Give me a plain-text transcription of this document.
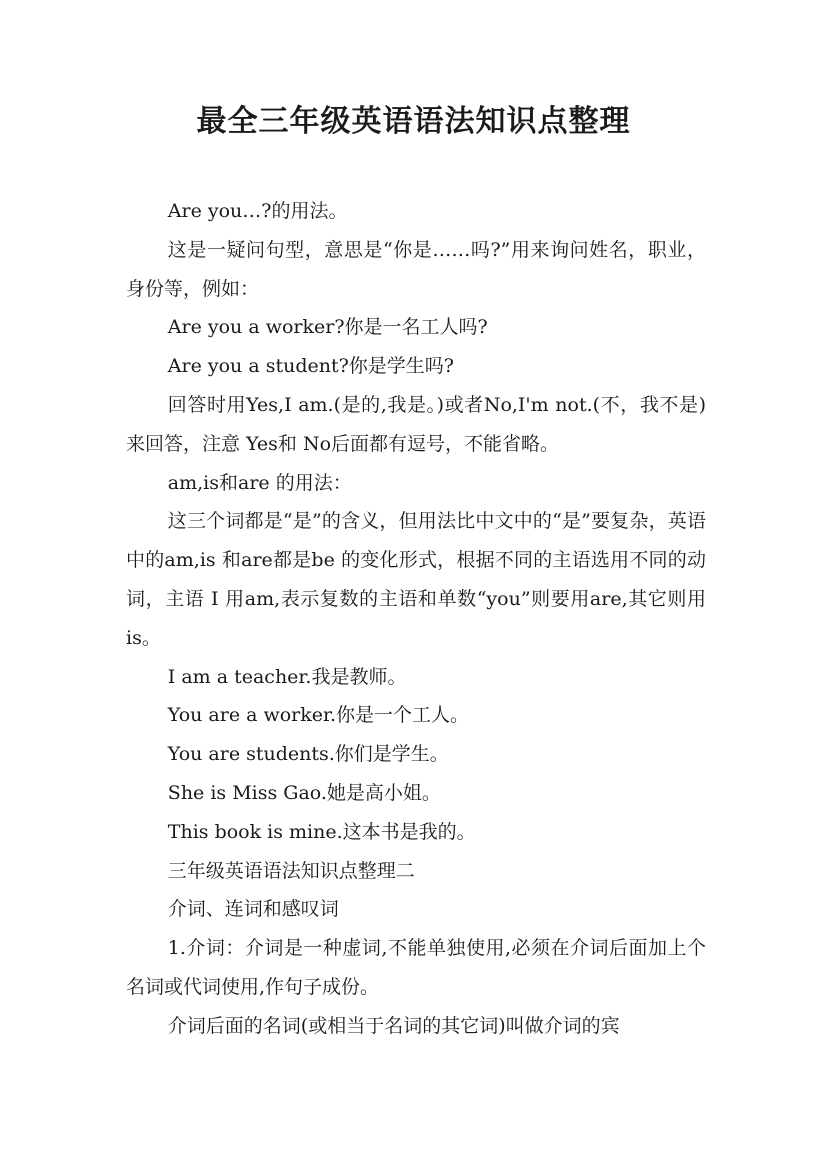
最全三年级英语语法知识点整理

Are you…?的用法。

这是一疑问句型，意思是“你是……吗?”用来询问姓名，职业，身份等，例如：

Are you a worker?你是一名工人吗?

Are you a student?你是学生吗?

回答时用Yes,I am.(是的,我是。)或者No,I'm not.(不，我不是)来回答，注意 Yes和 No后面都有逗号，不能省略。

am,is和are 的用法：

这三个词都是“是”的含义，但用法比中文中的“是”要复杂，英语中的am,is 和are都是be 的变化形式，根据不同的主语选用不同的动词，主语 I 用am,表示复数的主语和单数“you”则要用are,其它则用is。

I am a teacher.我是教师。

You are a worker.你是一个工人。

You are students.你们是学生。

She is Miss Gao.她是高小姐。

This book is mine.这本书是我的。

三年级英语语法知识点整理二

介词、连词和感叹词

1.介词：介词是一种虚词,不能单独使用,必须在介词后面加上个名词或代词使用,作句子成份。

介词后面的名词(或相当于名词的其它词)叫做介词的宾
